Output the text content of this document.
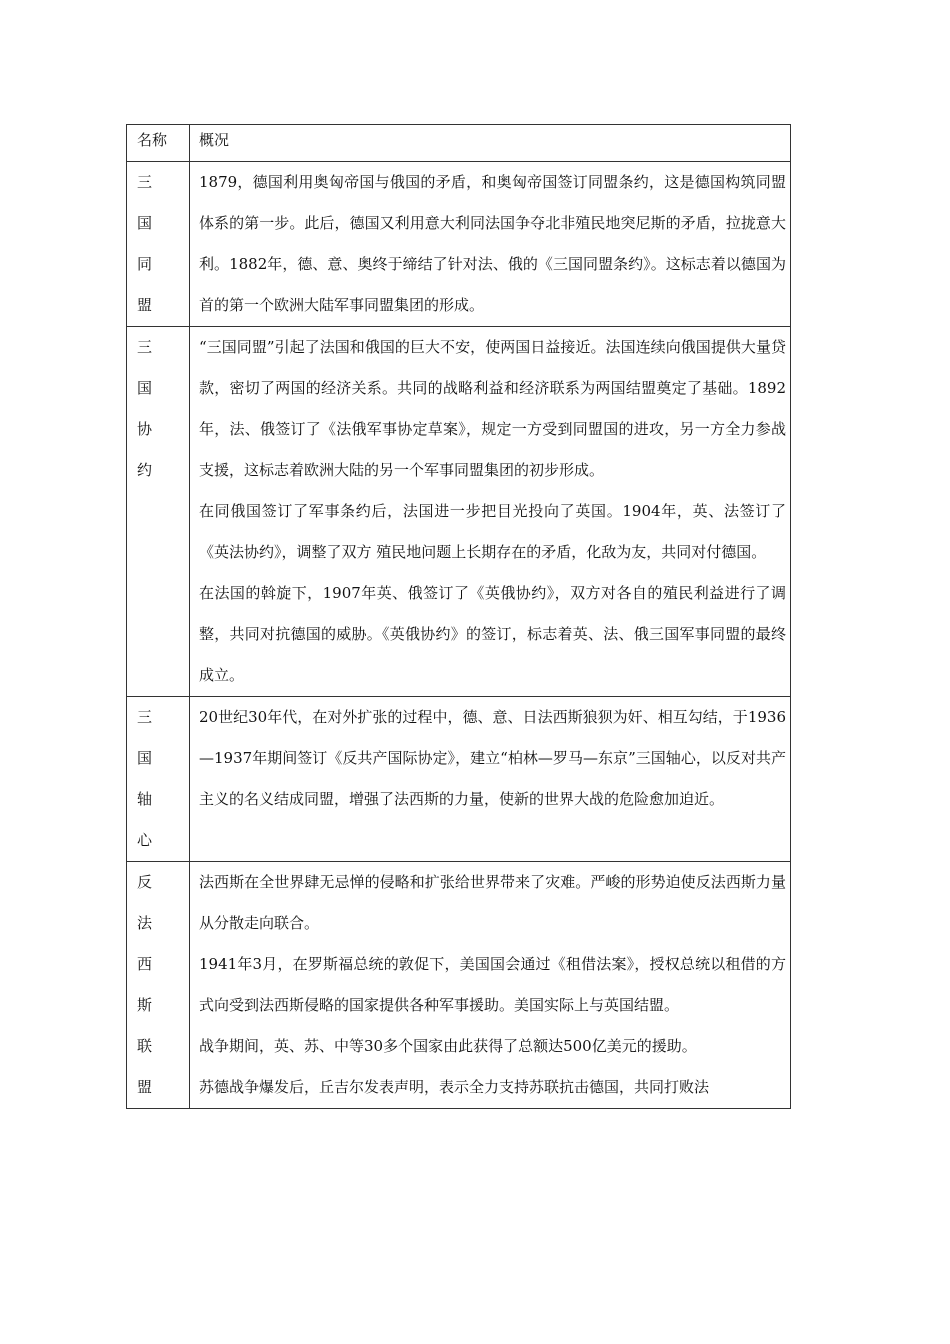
名称	概况

三国同盟	1879，德国利用奥匈帝国与俄国的矛盾，和奥匈帝国签订同盟条约，这是德国构筑同盟体系的第一步。此后，德国又利用意大利同法国争夺北非殖民地突尼斯的矛盾，拉拢意大利。1882年，德、意、奥终于缔结了针对法、俄的《三国同盟条约》。这标志着以德国为首的第一个欧洲大陆军事同盟集团的形成。

三国协约	“三国同盟”引起了法国和俄国的巨大不安，使两国日益接近。法国连续向俄国提供大量贷款，密切了两国的经济关系。共同的战略利益和经济联系为两国结盟奠定了基础。1892年，法、俄签订了《法俄军事协定草案》，规定一方受到同盟国的进攻，另一方全力参战支援，这标志着欧洲大陆的另一个军事同盟集团的初步形成。

在同俄国签订了军事条约后，法国进一步把目光投向了英国。1904年，英、法签订了《英法协约》，调整了双方 殖民地问题上长期存在的矛盾，化敌为友，共同对付德国。

在法国的斡旋下，1907年英、俄签订了《英俄协约》，双方对各自的殖民利益进行了调整，共同对抗德国的威胁。《英俄协约》的签订，标志着英、法、俄三国军事同盟的最终成立。

三国轴心	20世纪30年代，在对外扩张的过程中，德、意、日法西斯狼狈为奸、相互勾结，于1936—1937年期间签订《反共产国际协定》，建立“柏林—罗马—东京”三国轴心，以反对共产主义的名义结成同盟，增强了法西斯的力量，使新的世界大战的危险愈加迫近。

反法西斯联盟	法西斯在全世界肆无忌惮的侵略和扩张给世界带来了灾难。严峻的形势迫使反法西斯力量从分散走向联合。

1941年3月，在罗斯福总统的敦促下，美国国会通过《租借法案》，授权总统以租借的方式向受到法西斯侵略的国家提供各种军事援助。美国实际上与英国结盟。

战争期间，英、苏、中等30多个国家由此获得了总额达500亿美元的援助。

苏德战争爆发后，丘吉尔发表声明，表示全力支持苏联抗击德国，共同打败法
